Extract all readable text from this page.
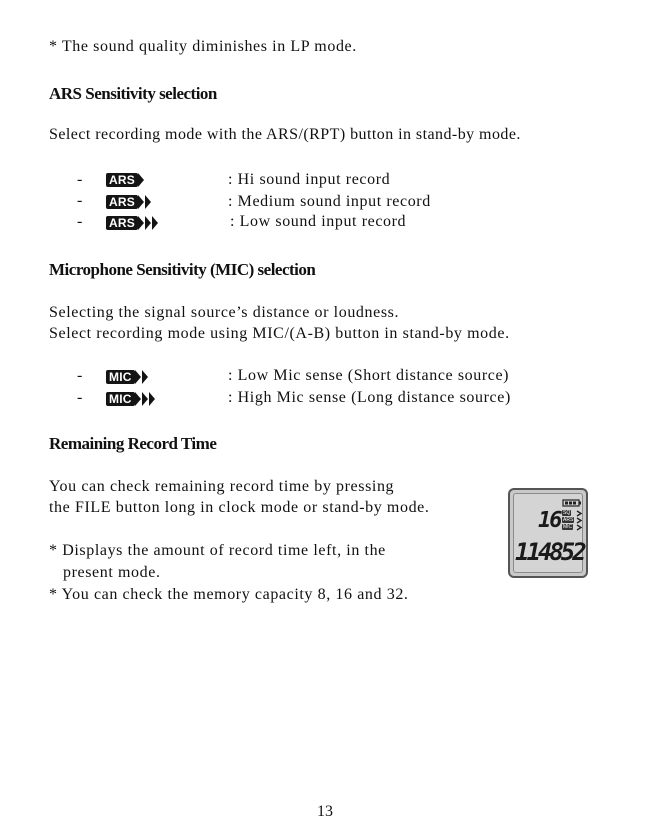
* The sound quality diminishes in LP mode.
ARS Sensitivity selection
Select recording mode with the ARS/(RPT) button in stand-by mode.
- ARS	: Hi sound input record
- ARS	: Medium sound input record
- ARS	: Low sound input record
Microphone Sensitivity (MIC) selection
Selecting the signal source’s distance or loudness.
Select recording mode using MIC/(A-B) button in stand-by mode.
- MIC	: Low Mic sense (Short distance source)
- MIC	: High Mic sense (Long distance source)
Remaining Record Time
You can check remaining record time by pressing
the FILE button long in clock mode or stand-by mode.
* Displays the amount of record time left, in the
present mode.
* You can check the memory capacity 8, 16 and 32.
16 SQ
ARS
MIC
114852
13
